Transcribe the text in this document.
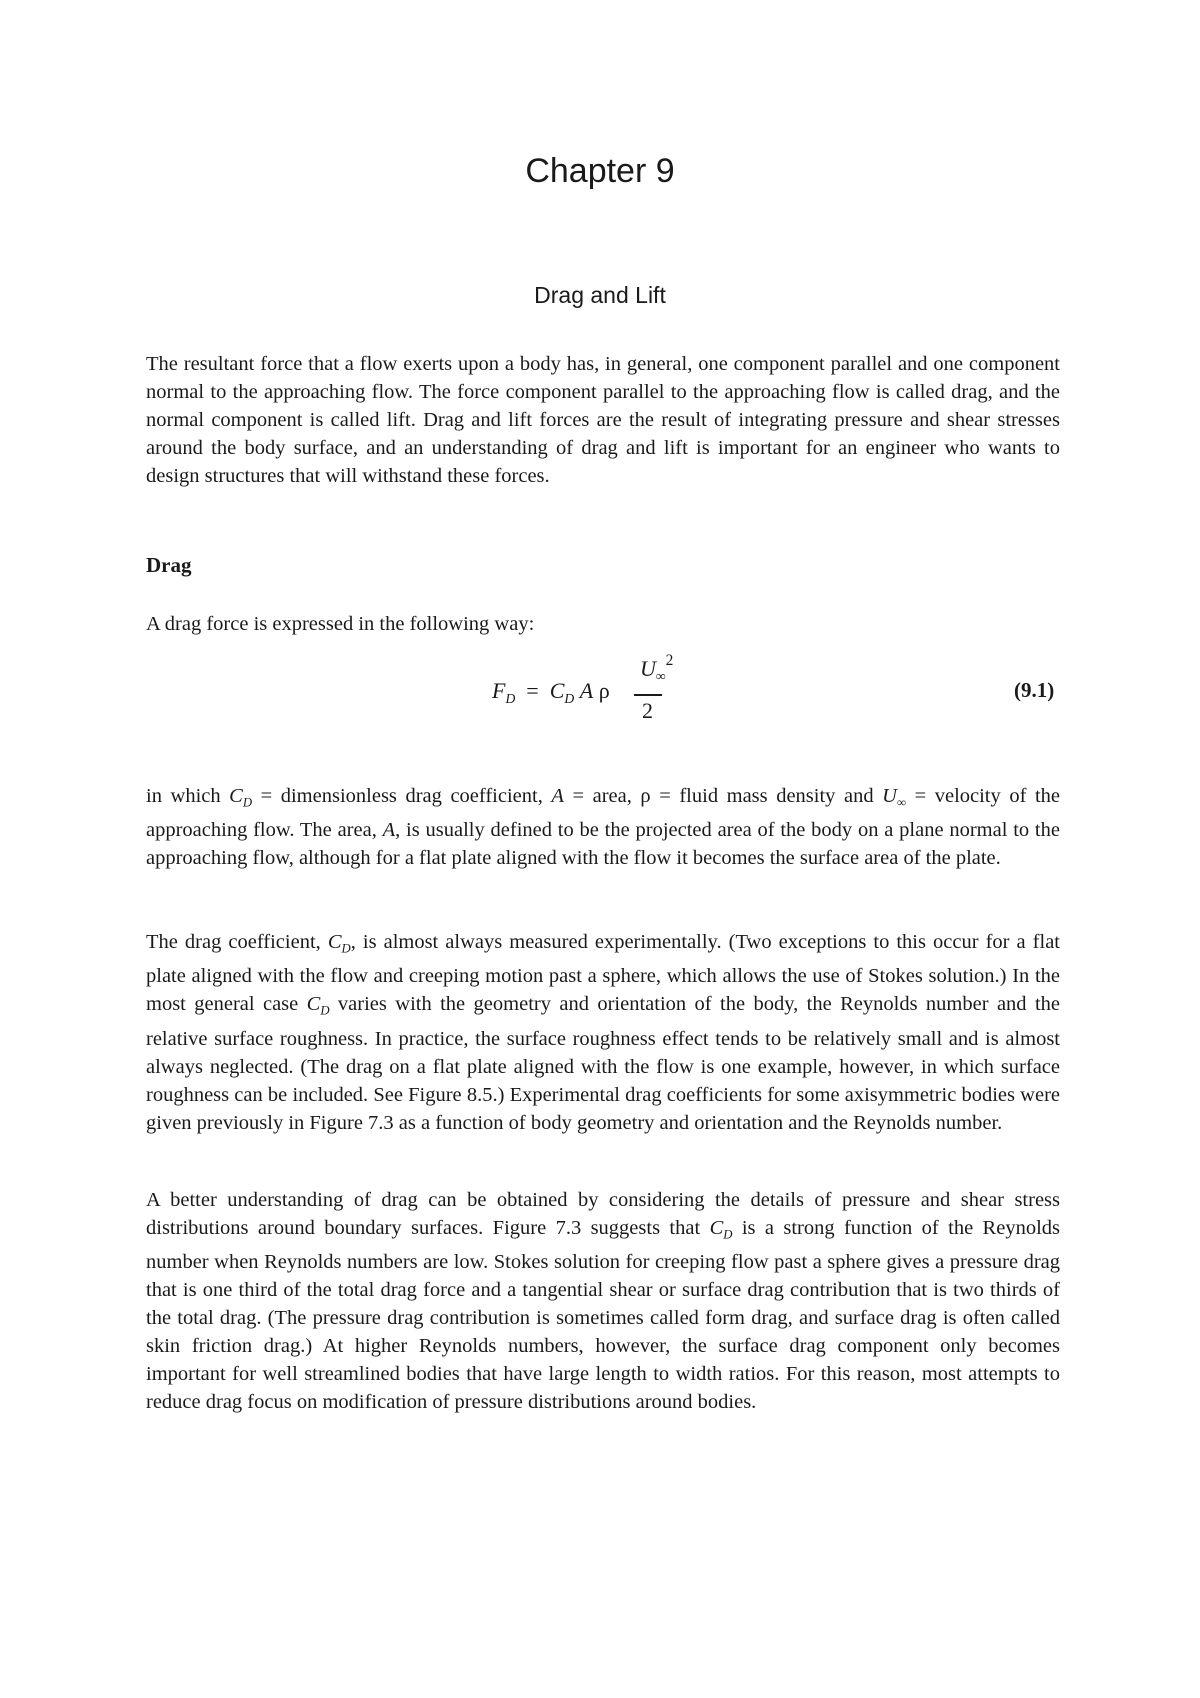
Chapter 9
Drag and Lift

The resultant force that a flow exerts upon a body has, in general, one component parallel and one component normal to the approaching flow. The force component parallel to the approaching flow is called drag, and the normal component is called lift. Drag and lift forces are the result of integrating pressure and shear stresses around the body surface, and an understanding of drag and lift is important for an engineer who wants to design structures that will withstand these forces.

Drag

A drag force is expressed in the following way:

$F_D = C_D$ A ρ
$U_\infty^2$
2
(9.1)

in which $C_D$ = dimensionless drag coefficient, A = area, ρ = fluid mass density and $U_\infty$ = velocity of the approaching flow. The area, A, is usually defined to be the projected area of the body on a plane normal to the approaching flow, although for a flat plate aligned with the flow it becomes the surface area of the plate.

The drag coefficient, $C_D$, is almost always measured experimentally. (Two exceptions to this occur for a flat plate aligned with the flow and creeping motion past a sphere, which allows the use of Stokes solution.) In the most general case $C_D$ varies with the geometry and orientation of the body, the Reynolds number and the relative surface roughness. In practice, the surface roughness effect tends to be relatively small and is almost always neglected. (The drag on a flat plate aligned with the flow is one example, however, in which surface roughness can be included. See Figure 8.5.) Experimental drag coefficients for some axisymmetric bodies were given previously in Figure 7.3 as a function of body geometry and orientation and the Reynolds number.

A better understanding of drag can be obtained by considering the details of pressure and shear stress distributions around boundary surfaces. Figure 7.3 suggests that $C_D$ is a strong function of the Reynolds number when Reynolds numbers are low. Stokes solution for creeping flow past a sphere gives a pressure drag that is one third of the total drag force and a tangential shear or surface drag contribution that is two thirds of the total drag. (The pressure drag contribution is sometimes called form drag, and surface drag is often called skin friction drag.) At higher Reynolds numbers, however, the surface drag component only becomes important for well streamlined bodies that have large length to width ratios. For this reason, most attempts to reduce drag focus on modification of pressure distributions around bodies.
